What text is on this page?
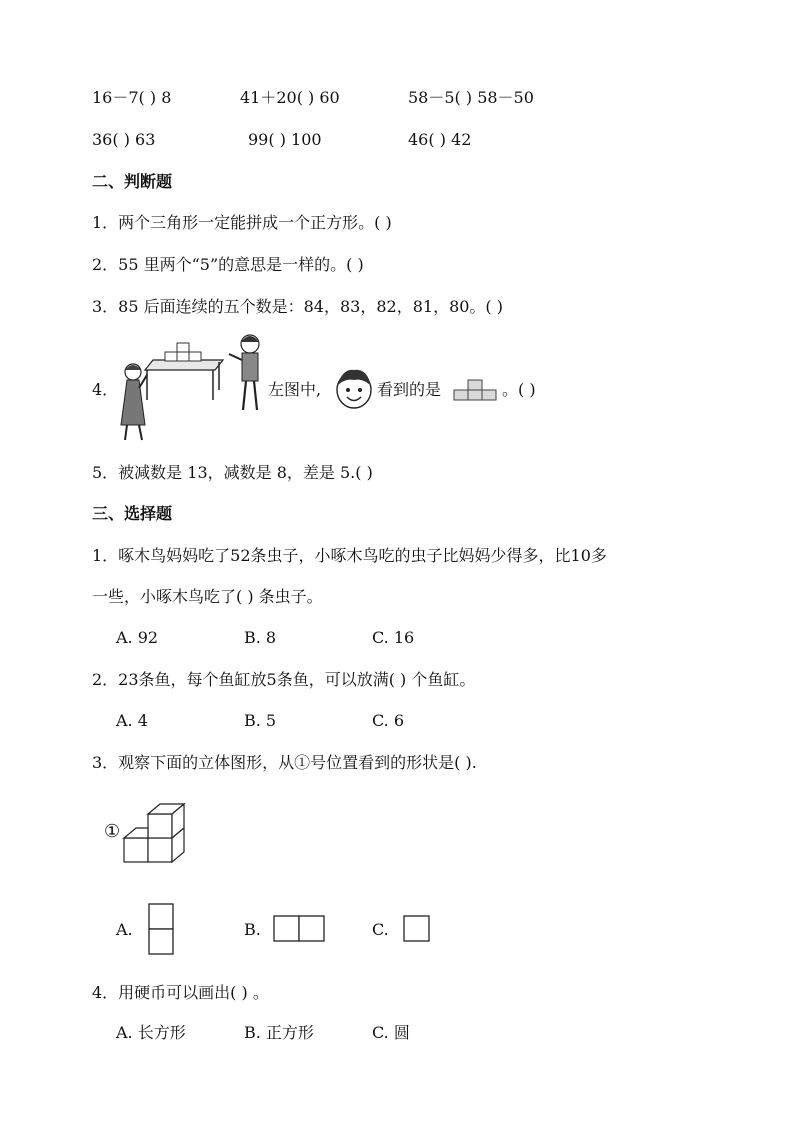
16－7( ) 8	41＋20( ) 60	58－5( ) 58－50
36( ) 63	99( ) 100	46( ) 42
二、判断题
1．两个三角形一定能拼成一个正方形。( )
2．55 里两个“5”的意思是一样的。( )
3．85 后面连续的五个数是：84，83，82，81，80。( )
4．	左图中,	看到的是	。( )
5．被减数是 13，减数是 8，差是 5.( )
三、选择题
1．啄木鸟妈妈吃了52条虫子，小啄木鸟吃的虫子比妈妈少得多，比10多
一些，小啄木鸟吃了( ) 条虫子。
A. 92	B. 8	C. 16
2．23条鱼，每个鱼缸放5条鱼，可以放满( ) 个鱼缸。
A. 4	B. 5	C. 6
3．观察下面的立体图形，从①号位置看到的形状是( ).
①
A.	B.	C.
4．用硬币可以画出( ) 。
A. 长方形	B. 正方形	C. 圆
